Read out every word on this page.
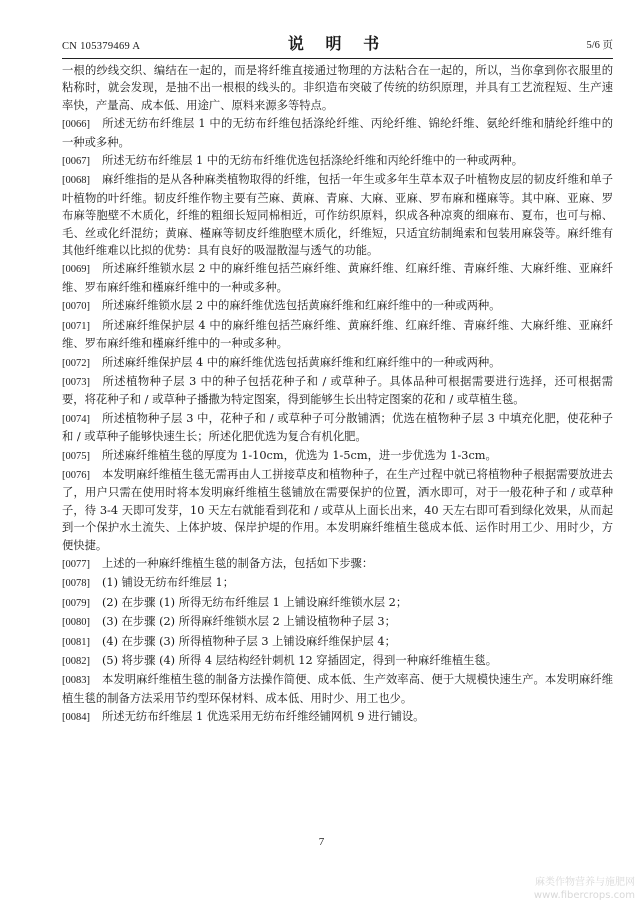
CN 105379469 A	说 明 书	5/6 页

一根的纱线交织、编结在一起的，而是将纤维直接通过物理的方法粘合在一起的，所以，当你拿到你衣服里的粘称时，就会发现，是抽不出一根根的线头的。非织造布突破了传统的纺织原理，并具有工艺流程短、生产速率快，产量高、成本低、用途广、原料来源多等特点。

[0066] 所述无纺布纤维层 1 中的无纺布纤维包括涤纶纤维、丙纶纤维、锦纶纤维、氨纶纤维和腈纶纤维中的一种或多种。

[0067] 所述无纺布纤维层 1 中的无纺布纤维优选包括涤纶纤维和丙纶纤维中的一种或两种。

[0068] 麻纤维指的是从各种麻类植物取得的纤维，包括一年生或多年生草本双子叶植物皮层的韧皮纤维和单子叶植物的叶纤维。韧皮纤维作物主要有苎麻、黄麻、青麻、大麻、亚麻、罗布麻和槿麻等。其中麻、亚麻、罗布麻等胞壁不木质化，纤维的粗细长短同棉相近，可作纺织原料，织成各种凉爽的细麻布、夏布，也可与棉、毛、丝或化纤混纺；黄麻、槿麻等韧皮纤维胞壁木质化，纤维短，只适宜纺制绳索和包装用麻袋等。麻纤维有其他纤维难以比拟的优势：具有良好的吸湿散湿与透气的功能。

[0069] 所述麻纤维锁水层 2 中的麻纤维包括苎麻纤维、黄麻纤维、红麻纤维、青麻纤维、大麻纤维、亚麻纤维、罗布麻纤维和槿麻纤维中的一种或多种。

[0070] 所述麻纤维锁水层 2 中的麻纤维优选包括黄麻纤维和红麻纤维中的一种或两种。

[0071] 所述麻纤维保护层 4 中的麻纤维包括苎麻纤维、黄麻纤维、红麻纤维、青麻纤维、大麻纤维、亚麻纤维、罗布麻纤维和槿麻纤维中的一种或多种。

[0072] 所述麻纤维保护层 4 中的麻纤维优选包括黄麻纤维和红麻纤维中的一种或两种。

[0073] 所述植物种子层 3 中的种子包括花种子和 / 或草种子。具体品种可根据需要进行选择，还可根据需要，将花种子和 / 或草种子播撒为特定图案，得到能够生长出特定图案的花和 / 或草植生毯。

[0074] 所述植物种子层 3 中，花种子和 / 或草种子可分散铺洒；优选在植物种子层 3 中填充化肥，使花种子和 / 或草种子能够快速生长；所述化肥优选为复合有机化肥。

[0075] 所述麻纤维植生毯的厚度为 1-10cm，优选为 1-5cm，进一步优选为 1-3cm。

[0076] 本发明麻纤维植生毯无需再由人工拼接草皮和植物种子，在生产过程中就已将植物种子根据需要放进去了，用户只需在使用时将本发明麻纤维植生毯铺放在需要保护的位置，洒水即可，对于一般花种子和 / 或草种子，待 3-4 天即可发芽，10 天左右就能看到花和 / 或草从上面长出来，40 天左右即可看到绿化效果，从而起到一个保护水土流失、上体护坡、保岸护堤的作用。本发明麻纤维植生毯成本低、运作时用工少、用时少，方便快捷。

[0077] 上述的一种麻纤维植生毯的制备方法，包括如下步骤：

[0078] (1) 铺设无纺布纤维层 1；

[0079] (2) 在步骤 (1) 所得无纺布纤维层 1 上铺设麻纤维锁水层 2；

[0080] (3) 在步骤 (2) 所得麻纤维锁水层 2 上铺设植物种子层 3；

[0081] (4) 在步骤 (3) 所得植物种子层 3 上铺设麻纤维保护层 4；

[0082] (5) 将步骤 (4) 所得 4 层结构经针刺机 12 穿插固定，得到一种麻纤维植生毯。

[0083] 本发明麻纤维植生毯的制备方法操作简便、成本低、生产效率高、便于大规模快速生产。本发明麻纤维植生毯的制备方法采用节约型环保材料、成本低、用时少、用工也少。

[0084] 所述无纺布纤维层 1 优选采用无纺布纤维经铺网机 9 进行铺设。

7
麻类作物营养与施肥网
www.fibercrops.com
